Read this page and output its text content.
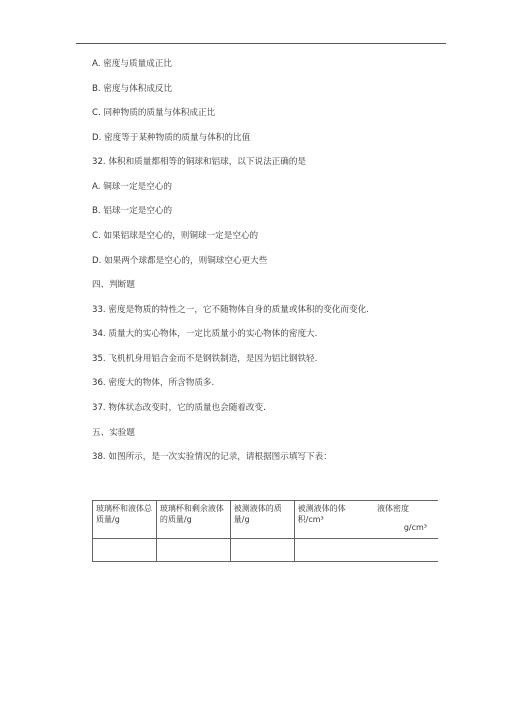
A. 密度与质量成正比
B. 密度与体积成反比
C. 同种物质的质量与体积成正比
D. 密度等于某种物质的质量与体积的比值
32. 体积和质量都相等的铜球和铝球，以下说法正确的是
A. 铜球一定是空心的
B. 铝球一定是空心的
C. 如果铝球是空心的，则铜球一定是空心的
D. 如果两个球都是空心的，则铜球空心更大些
四、判断题
33. 密度是物质的特性之一，它不随物体自身的质量或体积的变化而变化.
34. 质量大的实心物体，一定比质量小的实心物体的密度大.
35. 飞机机身用铝合金而不是钢铁制造，是因为铝比钢铁轻.
36. 密度大的物体，所含物质多.
37. 物体状态改变时，它的质量也会随着改变.
五、实验题
38. 如图所示，是一次实验情况的记录，请根据图示填写下表：
玻璃杯和液体总质量/g	玻璃杯和剩余液体的质量/g	被测液体的质量/g	被测液体的体积/cm³	液体密度
g/cm³
